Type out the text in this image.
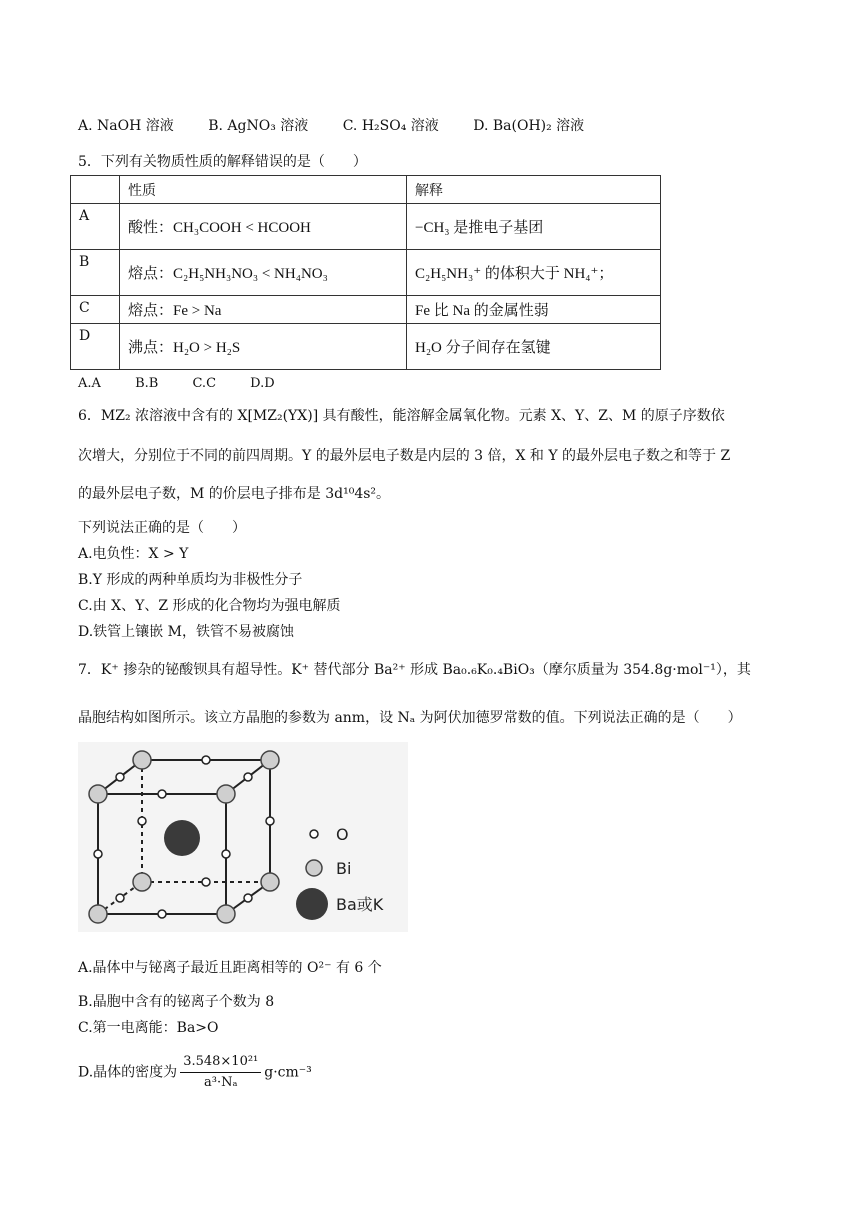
A. NaOH 溶液 B. AgNO₃ 溶液 C. H₂SO₄ 溶液 D. Ba(OH)₂ 溶液
5．下列有关物质性质的解释错误的是（　　）
	性质	解释
A	酸性：CH₃COOH < HCOOH	−CH₃ 是推电子基团
B	熔点：C₂H₅NH₃NO₃ < NH₄NO₃	C₂H₅NH₃⁺ 的体积大于 NH₄⁺；
C	熔点：Fe > Na	Fe 比 Na 的金属性弱
D	沸点：H₂O > H₂S	H₂O 分子间存在氢键
A.A	B.B	C.C	D.D
6．MZ₂ 浓溶液中含有的 X[MZ₂(YX)] 具有酸性，能溶解金属氧化物。元素 X、Y、Z、M 的原子序数依
次增大，分别位于不同的前四周期。Y 的最外层电子数是内层的 3 倍，X 和 Y 的最外层电子数之和等于 Z
的最外层电子数，M 的价层电子排布是 3d¹⁰4s²。
下列说法正确的是（　　）
A.电负性：X > Y
B.Y 形成的两种单质均为非极性分子
C.由 X、Y、Z 形成的化合物均为强电解质
D.铁管上镶嵌 M，铁管不易被腐蚀
7．K⁺ 掺杂的铋酸钡具有超导性。K⁺ 替代部分 Ba²⁺ 形成 Ba₀.₆K₀.₄BiO₃（摩尔质量为 354.8g·mol⁻¹），其
晶胞结构如图所示。该立方晶胞的参数为 anm，设 Nₐ 为阿伏加德罗常数的值。下列说法正确的是（　　）
O
Bi
Ba或K
A.晶体中与铋离子最近且距离相等的 O²⁻ 有 6 个
B.晶胞中含有的铋离子个数为 8
C.第一电离能：Ba>O
D.晶体的密度为 $\frac{\text{3.548×10²¹}}{\text{a³·Nₐ}} g\cdot cm^{-3}$
